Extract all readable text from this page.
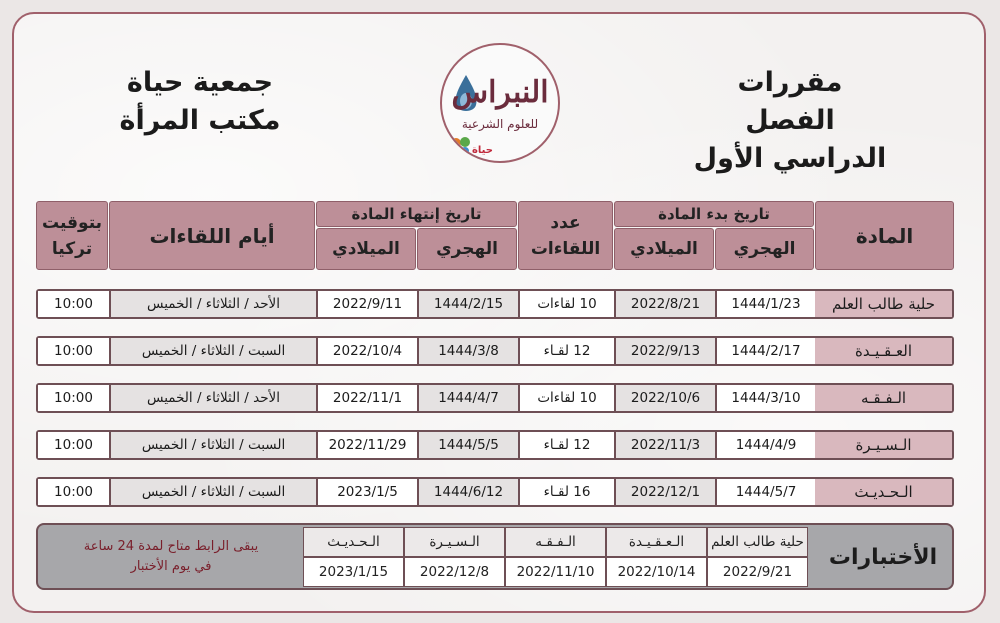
مقررات الفصل
الدراسي الأول
جمعية حياة
مكتب المرأة
النبراس
للعلوم الشرعية
حياة
المادة
تاريخ بدء المادة
الهجري
الميلادي
عدد
اللقاءات
تاريخ إنتهاء المادة
الهجري
الميلادي
أيام اللقاءات
بتوقيت
تركيا
حلية طالب العلم
1444/1/23
2022/8/21
10 لقاءات
1444/2/15
2022/9/11
الأحد / الثلاثاء / الخميس
10:00
العـقـيـدة
1444/2/17
2022/9/13
12 لقـاء
1444/3/8
2022/10/4
السبت / الثلاثاء / الخميس
10:00
الـفـقـه
1444/3/10
2022/10/6
10 لقاءات
1444/4/7
2022/11/1
الأحد / الثلاثاء / الخميس
10:00
الـسـيـرة
1444/4/9
2022/11/3
12 لقـاء
1444/5/5
2022/11/29
السبت / الثلاثاء / الخميس
10:00
الـحـديـث
1444/5/7
2022/12/1
16 لقـاء
1444/6/12
2023/1/5
السبت / الثلاثاء / الخميس
10:00
الأختبارات
حلية طالب العلم
2022/9/21
الـعـقـيـدة
2022/10/14
الـفـقـه
2022/11/10
الـسـيـرة
2022/12/8
الـحـديـث
2023/1/15
يبقى الرابط متاح لمدة 24 ساعة
في يوم الأختبار
